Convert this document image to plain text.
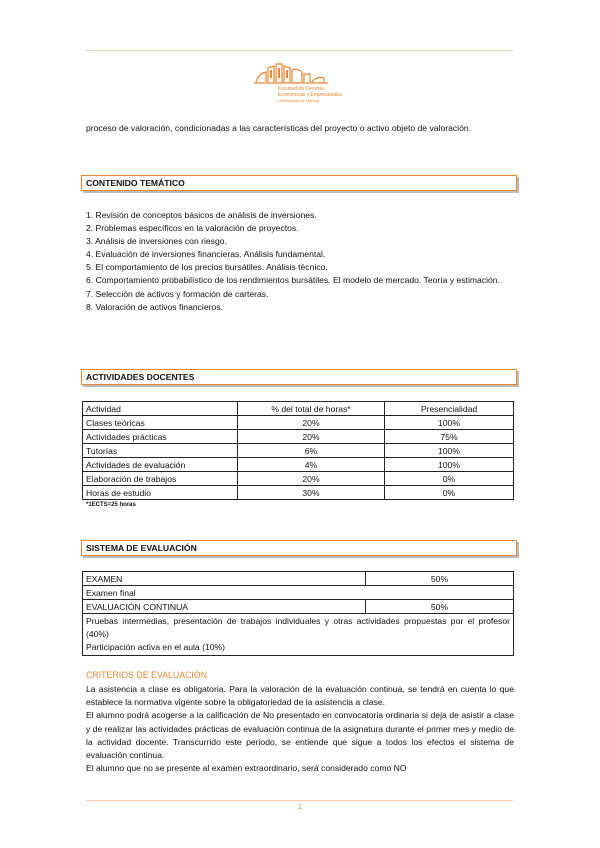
Facultad de Ciencias
Económicas y Empresariales
Universidad de Málaga
proceso de valoración, condicionadas a las características del proyecto o activo objeto de valoración.
CONTENIDO TEMÁTICO
1. Revisión de conceptos básicos de análisis de inversiones.
2. Problemas específicos en la valoración de proyectos.
3. Análisis de inversiones con riesgo.
4. Evaluación de inversiones financieras. Análisis fundamental.
5. El comportamiento de los precios bursátiles. Análisis técnico.
6. Comportamiento probabilístico de los rendimientos bursátiles. El modelo de mercado. Teoría y estimación.
7. Selección de activos y formación de carteras.
8. Valoración de activos financieros.
ACTIVIDADES DOCENTES
Actividad	% del total de horas*	Presencialidad
Clases teóricas	20%	100%
Actividades prácticas	20%	75%
Tutorías	6%	100%
Actividades de evaluación	4%	100%
Elaboración de trabajos	20%	0%
Horas de estudio	30%	0%
*1ECTS=25 horas
SISTEMA DE EVALUACIÓN
EXAMEN	50%
Examen final	
EVALUACIÓN CONTINUA	50%

Pruebas intermedias, presentación de trabajos individuales y otras actividades propuestas por el profesor (40%)
Participación activa en el aula (10%)	
CRITERIOS DE EVALUACIÓN
La asistencia a clase es obligatoria. Para la valoración de la evaluación continua, se tendrá en cuenta lo que establece la normativa vigente sobre la obligatoriedad de la asistencia a clase.
El alumno podrá acogerse a la calificación de No presentado en convocatoria ordinaria si deja de asistir a clase y de realizar las actividades prácticas de evaluación continua de la asignatura durante el primer mes y medio de la actividad docente. Transcurrido este periodo, se entiende que sigue a todos los efectos el sistema de evaluación continua.
El alumno que no se presente al examen extraordinario, será considerado como NO
2
